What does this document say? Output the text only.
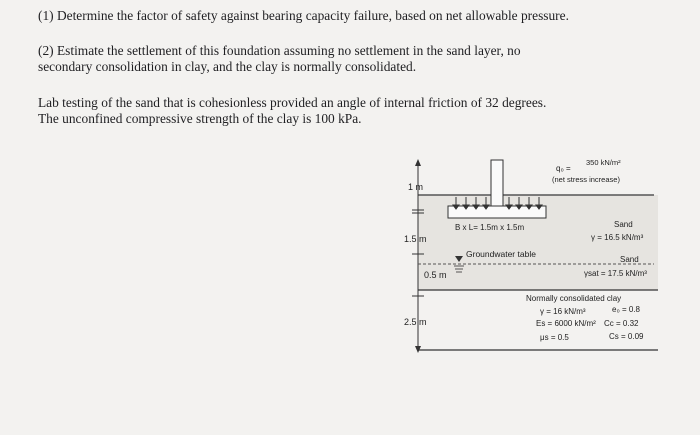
(1) Determine the factor of safety against bearing capacity failure, based on net allowable pressure.

(2) Estimate the settlement of this foundation assuming no settlement in the sand layer, no

secondary consolidation in clay, and the clay is normally consolidated.

Lab testing of the sand that is cohesionless provided an angle of internal friction of 32 degrees.

The unconfined compressive strength of the clay is 100 kPa.

1 m
1.5 m
0.5 m
2.5 m
q₀ =
350 kN/m²
(net stress increase)
B x L= 1.5m x 1.5m	Sand
γ = 16.5 kN/m³
Groundwater table
Sand
γsat = 17.5 kN/m³
Normally consolidated clay
γ = 16 kN/m³	e₀ = 0.8
Es = 6000 kN/m² Cc = 0.32
μs = 0.5	Cs = 0.09
